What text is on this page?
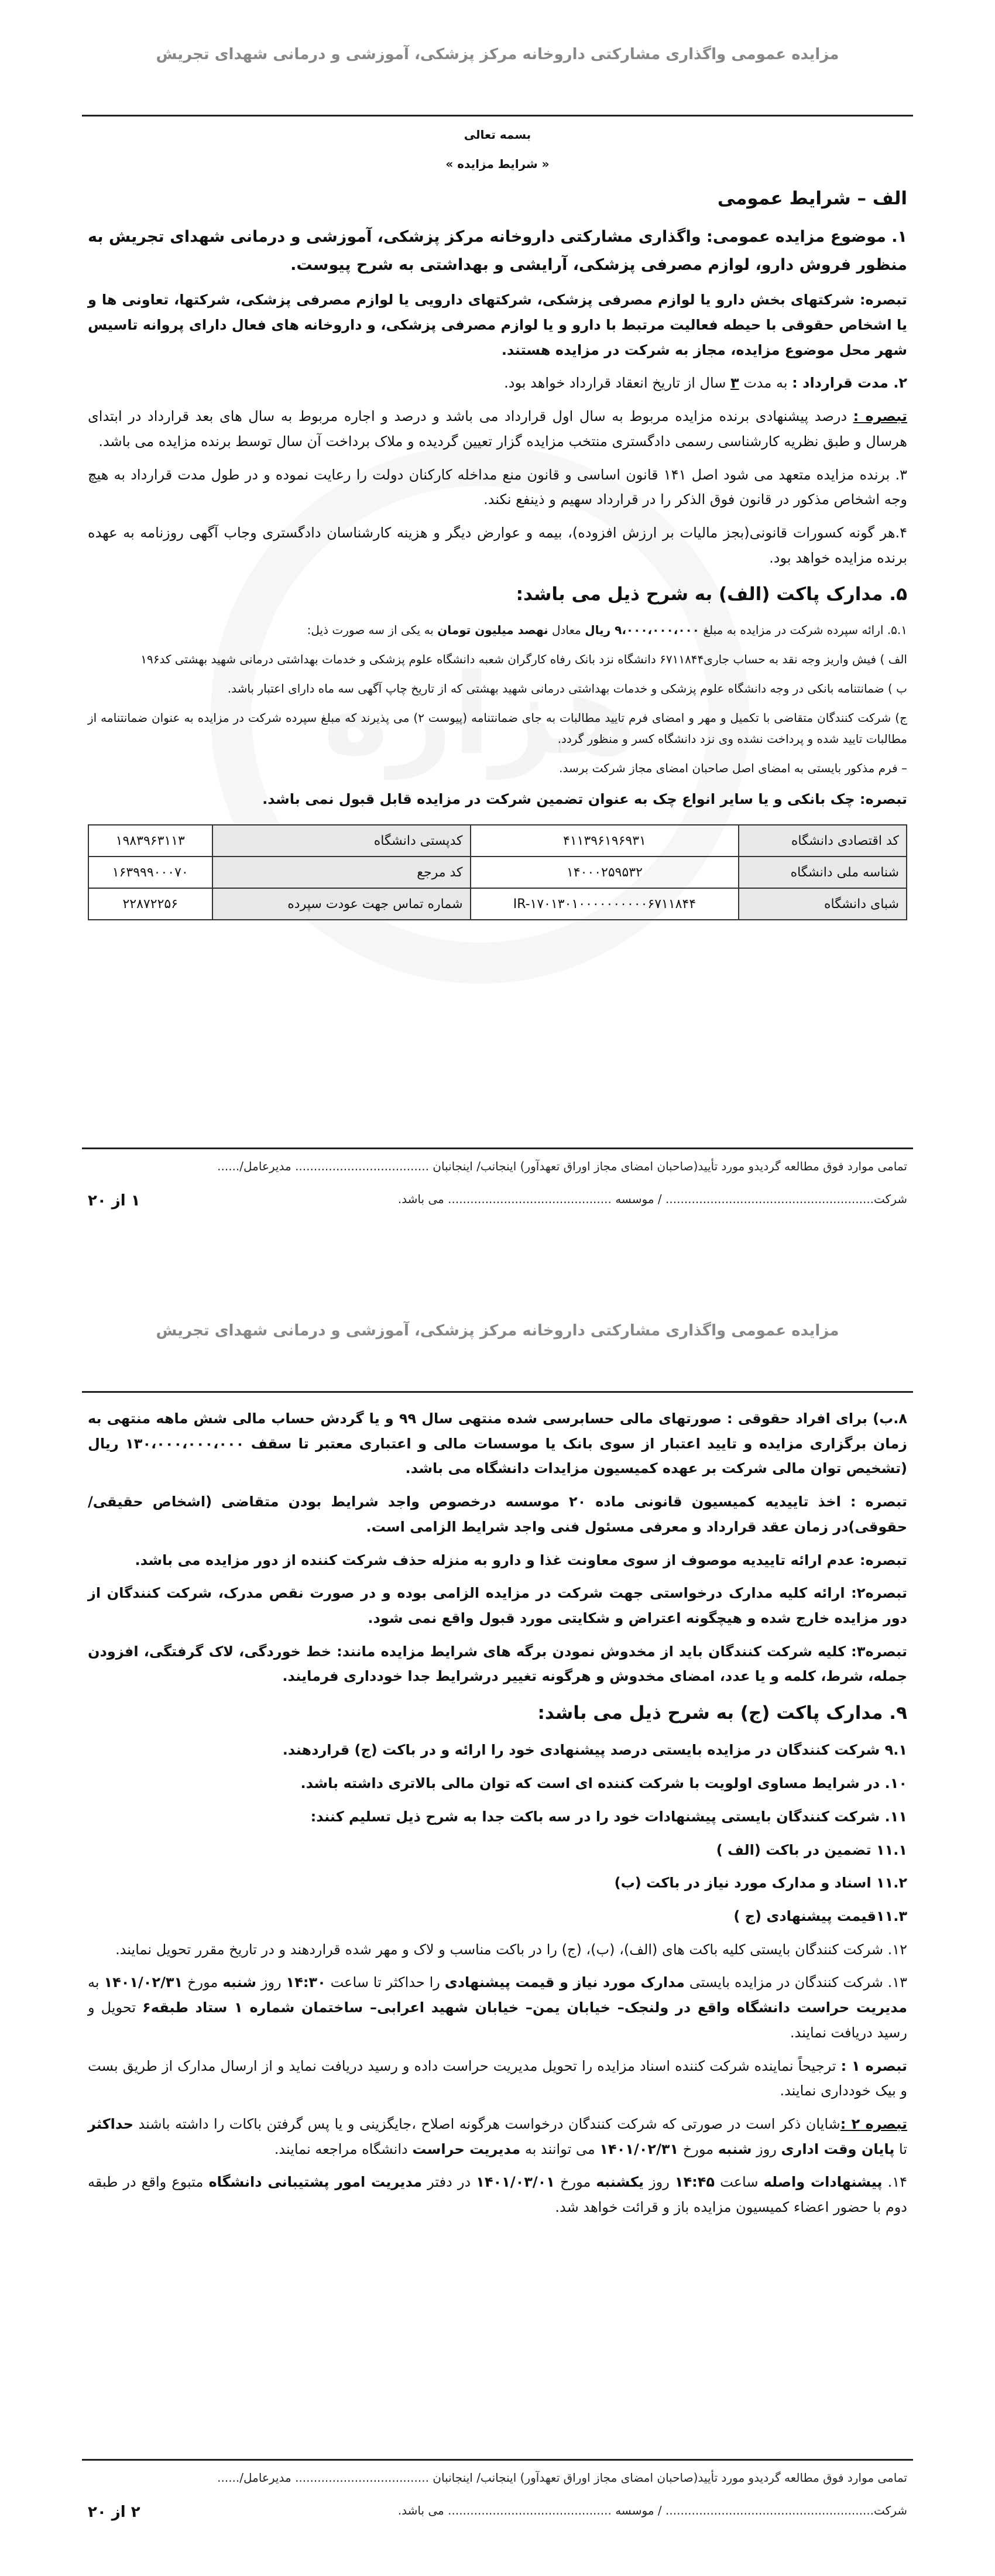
مزایده عمومی واگذاری مشارکتی داروخانه مرکز پزشکی، آموزشی و درمانی شهدای تجریش

بسمه تعالی

« شرایط مزایده »

الف – شرایط عمومی

۱. موضوع مزایده عمومی: واگذاری مشارکتی داروخانه مرکز پزشکی، آموزشی و درمانی شهدای تجریش به منظور فروش دارو، لوازم مصرفی پزشکی، آرایشی و بهداشتی به شرح پیوست.

تبصره: شرکتهای بخش دارو یا لوازم مصرفی پزشکی، شرکتهای دارویی یا لوازم مصرفی پزشکی، شرکتها، تعاونی ها و یا اشخاص حقوقی با حیطه فعالیت مرتبط با دارو و یا لوازم مصرفی پزشکی، و داروخانه های فعال دارای پروانه تاسیس شهر محل موضوع مزایده، مجاز به شرکت در مزایده هستند.

۲. مدت قرارداد : به مدت ۳ سال از تاریخ انعقاد قرارداد خواهد بود.

تبصره : درصد پیشنهادی برنده مزایده مربوط به سال اول قرارداد می باشد و درصد و اجاره مربوط به سال های بعد قرارداد در ابتدای هرسال و طبق نظریه کارشناسی رسمی دادگستری منتخب مزایده گزار تعیین گردیده و ملاک برداخت آن سال توسط برنده مزایده می باشد.

۳. برنده مزایده متعهد می شود اصل ۱۴۱ قانون اساسی و قانون منع مداخله کارکنان دولت را رعایت نموده و در طول مدت قرارداد به هیچ وجه اشخاص مذکور در قانون فوق الذکر را در قرارداد سهیم و ذینفع نکند.

۴.هر گونه کسورات قانونی(بجز مالیات بر ارزش افزوده)، بیمه و عوارض دیگر و هزینه کارشناسان دادگستری وجاب آگهی روزنامه به عهده برنده مزایده خواهد بود.

۵. مدارک پاکت (الف) به شرح ذیل می باشد:

۵.۱. ارائه سپرده شرکت در مزایده به مبلغ ۹،۰۰۰،۰۰۰،۰۰۰ ریال معادل نهصد میلیون تومان به یکی از سه صورت ذیل:

الف ) فیش واریز وجه نقد به حساب جاری۶۷۱۱۸۴۴ دانشگاه نزد بانک رفاه کارگران شعبه دانشگاه علوم پزشکی و خدمات بهداشتی درمانی شهید بهشتی کد۱۹۶

ب ) ضمانتنامه بانکی در وجه دانشگاه علوم پزشکی و خدمات بهداشتی درمانی شهید بهشتی که از تاریخ چاپ آگهی سه ماه دارای اعتبار باشد.

ج) شرکت کنندگان متقاضی با تکمیل و مهر و امضای فرم تایید مطالبات به جای ضمانتنامه (پیوست ۲) می پذیرند که مبلغ سپرده شرکت در مزایده به عنوان ضمانتنامه از مطالبات تایید شده و پرداخت نشده وی نزد دانشگاه کسر و منظور گردد.

– فرم مذکور بایستی به امضای اصل صاحبان امضای مجاز شرکت برسد.

تبصره: چک بانکی و یا سایر انواع چک به عنوان تضمین شرکت در مزایده قابل قبول نمی باشد.

کد اقتصادی دانشگاه	۴۱۱۳۹۶۱۹۶۹۳۱	کدپستی دانشگاه	۱۹۸۳۹۶۳۱۱۳
شناسه ملی دانشگاه	۱۴۰۰۰۲۵۹۵۳۲	کد مرجع	۱۶۳۹۹۹۰۰۰۷۰
شبای دانشگاه	IR-۱۷۰۱۳۰۱۰۰۰۰۰۰۰۰۰۰۶۷۱۱۸۴۴	شماره تماس جهت عودت سپرده	۲۲۸۷۲۲۵۶
تمامی موارد فوق مطالعه گردیدو مورد تأیید(صاحبان امضای مجاز اوراق تعهدآور) اینجانب/ اینجانبان .................................... مدیرعامل/......
شرکت........................................................ / موسسه ............................................ می باشد.
۱ از ۲۰
مزایده عمومی واگذاری مشارکتی داروخانه مرکز پزشکی، آموزشی و درمانی شهدای تجریش

۸.ب) برای افراد حقوقی : صورتهای مالی حسابرسی شده منتهی سال ۹۹ و یا گردش حساب مالی شش ماهه منتهی به زمان برگزاری مزایده و تایید اعتبار از سوی بانک یا موسسات مالی و اعتباری معتبر تا سقف ۱۳۰،۰۰۰،۰۰۰،۰۰۰ ریال (تشخیص توان مالی شرکت بر عهده کمیسیون مزایدات دانشگاه می باشد.

تبصره : اخذ تاییدیه کمیسیون قانونی ماده ۲۰ موسسه درخصوص واجد شرایط بودن متقاضی (اشخاص حقیقی/ حقوقی)در زمان عقد قرارداد و معرفی مسئول فنی واجد شرایط الزامی است.

تبصره: عدم ارائه تاییدیه موصوف از سوی معاونت غذا و دارو به منزله حذف شرکت کننده از دور مزایده می باشد.

تبصره۲: ارائه کلیه مدارک درخواستی جهت شرکت در مزایده الزامی بوده و در صورت نقص مدرک، شرکت کنندگان از دور مزایده خارج شده و هیچگونه اعتراض و شکایتی مورد قبول واقع نمی شود.

تبصره۳: کلیه شرکت کنندگان باید از مخدوش نمودن برگه های شرایط مزایده مانند: خط خوردگی، لاک گرفتگی، افزودن جمله، شرط، کلمه و یا عدد، امضای مخدوش و هرگونه تغییر درشرایط جدا خودداری فرمایند.

۹. مدارک پاکت (ج) به شرح ذیل می باشد:

۹.۱ شرکت کنندگان در مزایده بایستی درصد پیشنهادی خود را ارائه و در باکت (ج) قراردهند.

۱۰. در شرایط مساوی اولویت با شرکت کننده ای است که توان مالی بالاتری داشته باشد.

۱۱. شرکت کنندگان بایستی پیشنهادات خود را در سه باکت جدا به شرح ذیل تسلیم کنند:

۱۱.۱ تضمین در باکت (الف )

۱۱.۲ اسناد و مدارک مورد نیاز در باکت (ب)

۱۱.۳قیمت پیشنهادی (ج )

۱۲. شرکت کنندگان بایستی کلیه باکت های (الف)، (ب)، (ج) را در باکت مناسب و لاک و مهر شده قراردهند و در تاریخ مقرر تحویل نمایند.

۱۳. شرکت کنندگان در مزایده بایستی مدارک مورد نیاز و قیمت پیشنهادی را حداکثر تا ساعت ۱۴:۳۰ روز شنبه مورخ ۱۴۰۱/۰۲/۳۱ به مدیریت حراست دانشگاه واقع در ولنجک– خیابان یمن– خیابان شهید اعرابی– ساختمان شماره ۱ ستاد طبقه۶ تحویل و رسید دریافت نمایند.

تبصره ۱ : ترجیحاً نماینده شرکت کننده اسناد مزایده را تحویل مدیریت حراست داده و رسید دریافت نماید و از ارسال مدارک از طریق بست و بیک خودداری نمایند.

تبصره ۲ :شایان ذکر است در صورتی که شرکت کنندگان درخواست هرگونه اصلاح ،جایگزینی و یا پس گرفتن باکات را داشته باشند حداکثر تا پایان وقت اداری روز شنبه مورخ ۱۴۰۱/۰۲/۳۱ می توانند به مدیریت حراست دانشگاه مراجعه نمایند.

۱۴. پیشنهادات واصله ساعت ۱۴:۴۵ روز یکشنبه مورخ ۱۴۰۱/۰۳/۰۱ در دفتر مدیریت امور پشتیبانی دانشگاه متبوع واقع در طبقه دوم با حضور اعضاء کمیسیون مزایده باز و قرائت خواهد شد.

تمامی موارد فوق مطالعه گردیدو مورد تأیید(صاحبان امضای مجاز اوراق تعهدآور) اینجانب/ اینجانبان .................................... مدیرعامل/......
شرکت........................................................ / موسسه ............................................ می باشد.
۲ از ۲۰
